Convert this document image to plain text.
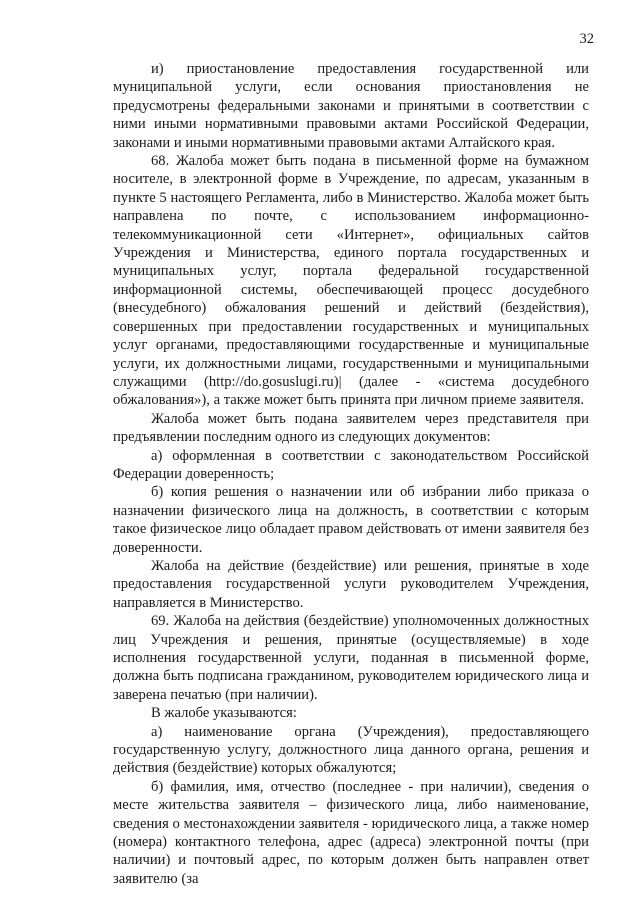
32

и) приостановление предоставления государственной или муниципальной услуги, если основания приостановления не предусмотрены федеральными законами и принятыми в соответствии с ними иными нормативными правовыми актами Российской Федерации, законами и иными нормативными правовыми актами Алтайского края.

68. Жалоба может быть подана в письменной форме на бумажном носителе, в электронной форме в Учреждение, по адресам, указанным в пункте 5 настоящего Регламента, либо в Министерство. Жалоба может быть направлена по почте, с использованием информационно-телекоммуникационной сети «Интернет», официальных сайтов Учреждения и Министерства, единого портала государственных и муниципальных услуг, портала федеральной государственной информационной системы, обеспечивающей процесс досудебного (внесудебного) обжалования решений и действий (бездействия), совершенных при предоставлении государственных и муниципальных услуг органами, предоставляющими государственные и муниципальные услуги, их должностными лицами, государственными и муниципальными служащими (http://do.gosuslugi.ru)| (далее - «система досудебного обжалования»), а также может быть принята при личном приеме заявителя.

Жалоба может быть подана заявителем через представителя при предъявлении последним одного из следующих документов:

а) оформленная в соответствии с законодательством Российской Федерации доверенность;

б) копия решения о назначении или об избрании либо приказа о назначении физического лица на должность, в соответствии с которым такое физическое лицо обладает правом действовать от имени заявителя без доверенности.

Жалоба на действие (бездействие) или решения, принятые в ходе предоставления государственной услуги руководителем Учреждения, направляется в Министерство.

69. Жалоба на действия (бездействие) уполномоченных должностных лиц Учреждения и решения, принятые (осуществляемые) в ходе исполнения государственной услуги, поданная в письменной форме, должна быть подписана гражданином, руководителем юридического лица и заверена печатью (при наличии).

В жалобе указываются:

а) наименование органа (Учреждения), предоставляющего государственную услугу, должностного лица данного органа, решения и действия (бездействие) которых обжалуются;

б) фамилия, имя, отчество (последнее - при наличии), сведения о месте жительства заявителя – физического лица, либо наименование, сведения о местонахождении заявителя - юридического лица, а также номер (номера) контактного телефона, адрес (адреса) электронной почты (при наличии) и почтовый адрес, по которым должен быть направлен ответ заявителю (за
